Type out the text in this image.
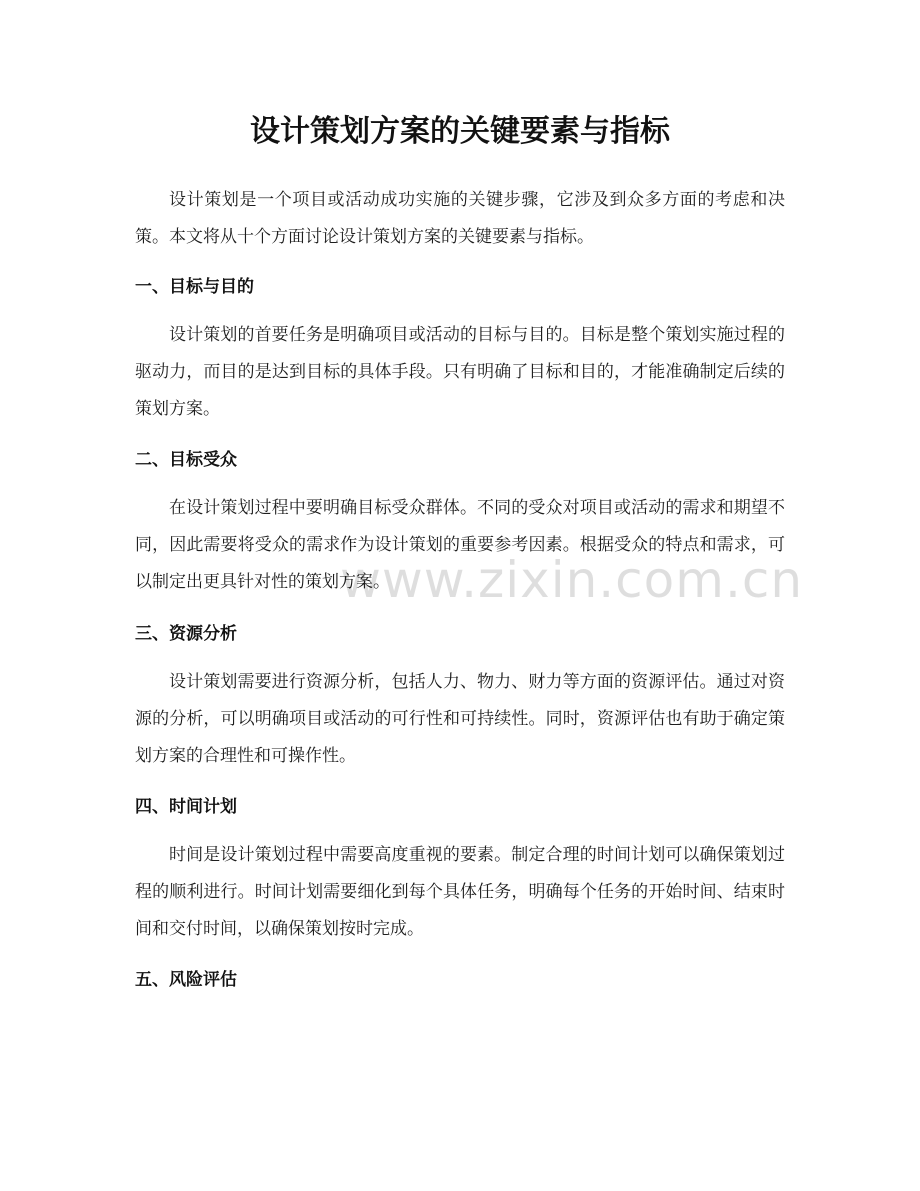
设计策划方案的关键要素与指标

设计策划是一个项目或活动成功实施的关键步骤，它涉及到众多方面的考虑和决策。本文将从十个方面讨论设计策划方案的关键要素与指标。

一、目标与目的

设计策划的首要任务是明确项目或活动的目标与目的。目标是整个策划实施过程的驱动力，而目的是达到目标的具体手段。只有明确了目标和目的，才能准确制定后续的策划方案。

二、目标受众

在设计策划过程中要明确目标受众群体。不同的受众对项目或活动的需求和期望不同，因此需要将受众的需求作为设计策划的重要参考因素。根据受众的特点和需求，可以制定出更具针对性的策划方案。

三、资源分析

设计策划需要进行资源分析，包括人力、物力、财力等方面的资源评估。通过对资源的分析，可以明确项目或活动的可行性和可持续性。同时，资源评估也有助于确定策划方案的合理性和可操作性。

四、时间计划

时间是设计策划过程中需要高度重视的要素。制定合理的时间计划可以确保策划过程的顺利进行。时间计划需要细化到每个具体任务，明确每个任务的开始时间、结束时间和交付时间，以确保策划按时完成。

五、风险评估
www.zixin.com.cn
